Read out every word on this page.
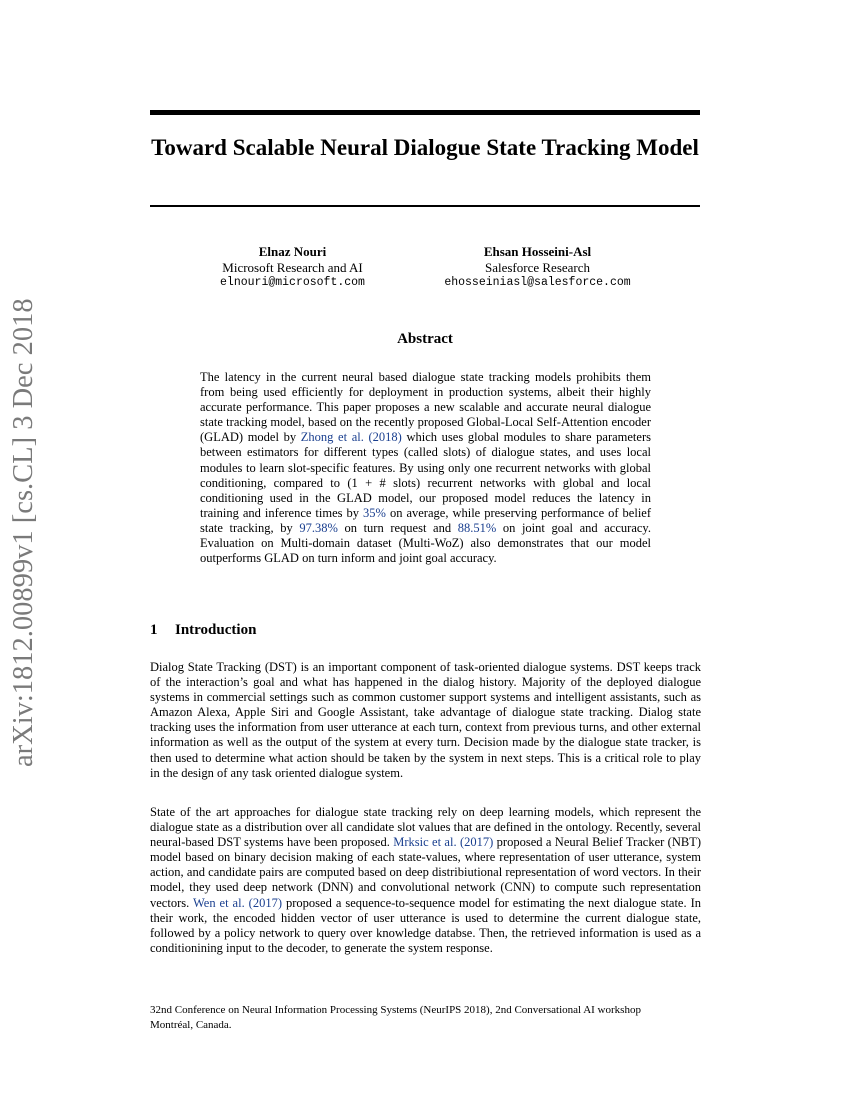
arXiv:1812.00899v1 [cs.CL] 3 Dec 2018
Toward Scalable Neural Dialogue State Tracking Model
Elnaz Nouri
Microsoft Research and AI
elnouri@microsoft.com
Ehsan Hosseini-Asl
Salesforce Research
ehosseiniasl@salesforce.com
Abstract

The latency in the current neural based dialogue state tracking models prohibits them from being used efficiently for deployment in production systems, albeit their highly accurate performance. This paper proposes a new scalable and accurate neural dialogue state tracking model, based on the recently proposed Global-Local Self-Attention encoder (GLAD) model by Zhong et al. (2018) which uses global modules to share parameters between estimators for different types (called slots) of dialogue states, and uses local modules to learn slot-specific features. By using only one recurrent networks with global conditioning, compared to (1 + # slots) recurrent networks with global and local conditioning used in the GLAD model, our proposed model reduces the latency in training and inference times by 35% on average, while preserving performance of belief state tracking, by 97.38% on turn request and 88.51% on joint goal and accuracy. Evaluation on Multi-domain dataset (Multi-WoZ) also demonstrates that our model outperforms GLAD on turn inform and joint goal accuracy.

1 Introduction

Dialog State Tracking (DST) is an important component of task-oriented dialogue systems. DST keeps track of the interaction’s goal and what has happened in the dialog history. Majority of the deployed dialogue systems in commercial settings such as common customer support systems and intelligent assistants, such as Amazon Alexa, Apple Siri and Google Assistant, take advantage of dialogue state tracking. Dialog state tracking uses the information from user utterance at each turn, context from previous turns, and other external information as well as the output of the system at every turn. Decision made by the dialogue state tracker, is then used to determine what action should be taken by the system in next steps. This is a critical role to play in the design of any task oriented dialogue system.

State of the art approaches for dialogue state tracking rely on deep learning models, which represent the dialogue state as a distribution over all candidate slot values that are defined in the ontology. Recently, several neural-based DST systems have been proposed. Mrksic et al. (2017) proposed a Neural Belief Tracker (NBT) model based on binary decision making of each state-values, where representation of user utterance, system action, and candidate pairs are computed based on deep distribiutional representation of word vectors. In their model, they used deep network (DNN) and convolutional network (CNN) to compute such representation vectors. Wen et al. (2017) proposed a sequence-to-sequence model for estimating the next dialogue state. In their work, the encoded hidden vector of user utterance is used to determine the current dialogue state, followed by a policy network to query over knowledge databse. Then, the retrieved information is used as a conditionining input to the decoder, to generate the system response.

32nd Conference on Neural Information Processing Systems (NeurIPS 2018), 2nd Conversational AI workshop
Montréal, Canada.
